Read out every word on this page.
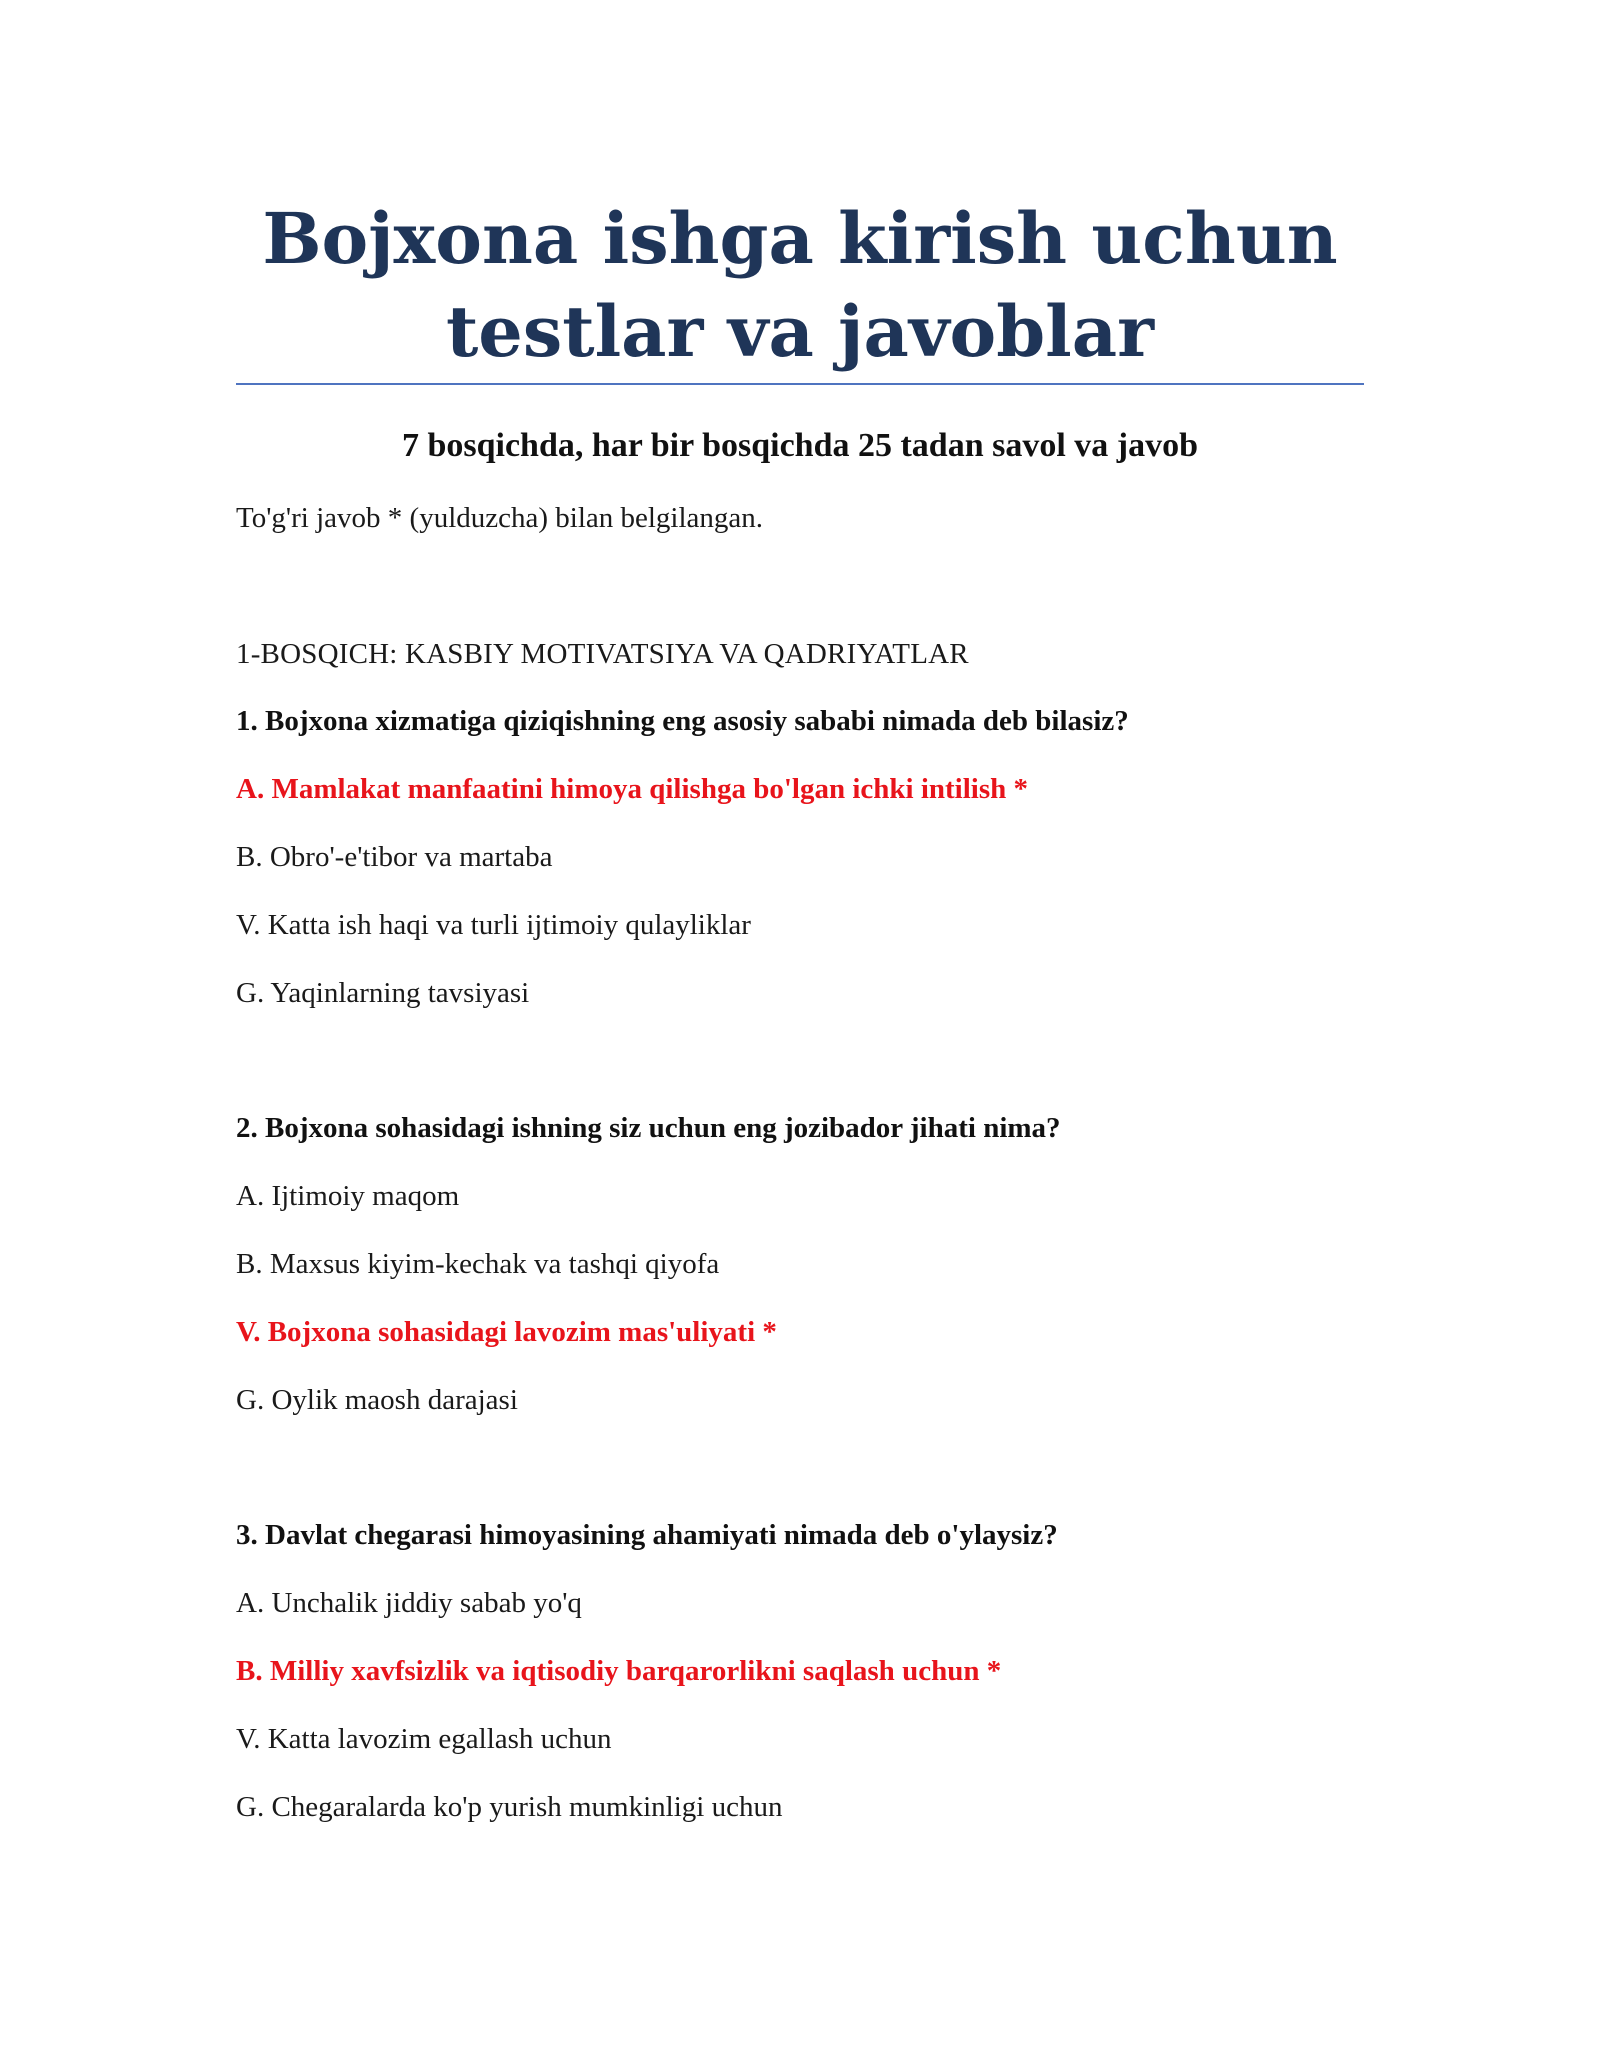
Bojxona ishga kirish uchun
testlar va javoblar
7 bosqichda, har bir bosqichda 25 tadan savol va javob
To'g'ri javob * (yulduzcha) bilan belgilangan.
1-BOSQICH: KASBIY MOTIVATSIYA VA QADRIYATLAR
1. Bojxona xizmatiga qiziqishning eng asosiy sababi nimada deb bilasiz?
A. Mamlakat manfaatini himoya qilishga bo'lgan ichki intilish *
B. Obro'-e'tibor va martaba
V. Katta ish haqi va turli ijtimoiy qulayliklar
G. Yaqinlarning tavsiyasi
2. Bojxona sohasidagi ishning siz uchun eng jozibador jihati nima?
A. Ijtimoiy maqom
B. Maxsus kiyim-kechak va tashqi qiyofa
V. Bojxona sohasidagi lavozim mas'uliyati *
G. Oylik maosh darajasi
3. Davlat chegarasi himoyasining ahamiyati nimada deb o'ylaysiz?
A. Unchalik jiddiy sabab yo'q
B. Milliy xavfsizlik va iqtisodiy barqarorlikni saqlash uchun *
V. Katta lavozim egallash uchun
G. Chegaralarda ko'p yurish mumkinligi uchun
